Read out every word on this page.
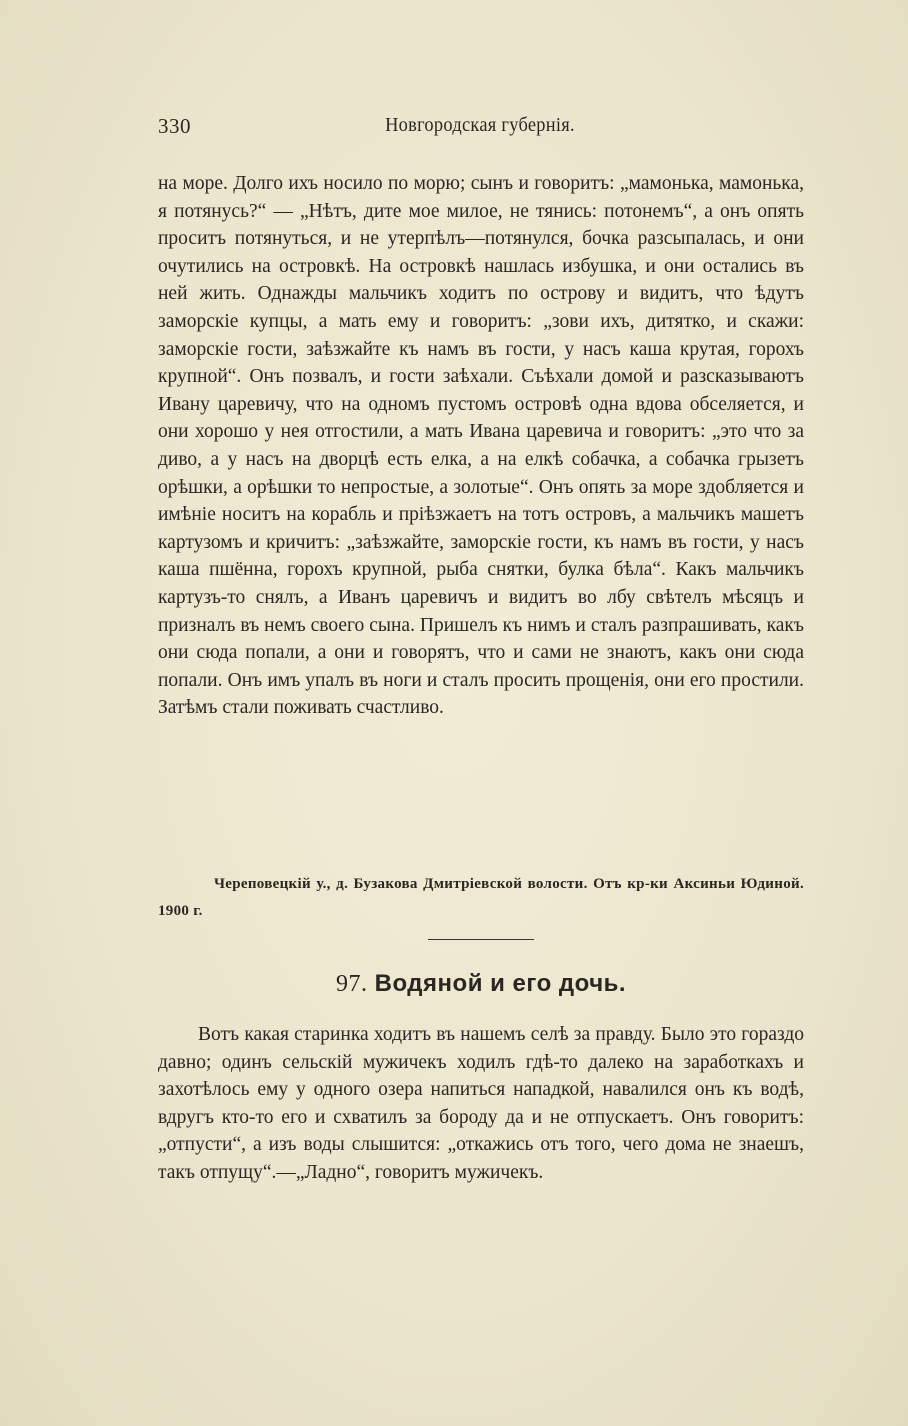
330	Новгородская губернія.

на море. Долго ихъ носило по морю; сынъ и говоритъ: „мамонька, мамонька, я потянусь?“ — „Нѣтъ, дите мое милое, не тянись: потонемъ“, а онъ опять проситъ потянуться, и не утерпѣлъ—потянулся, бочка разсыпалась, и они очутились на островкѣ. На островкѣ нашлась избушка, и они остались въ ней жить. Однажды мальчикъ ходитъ по острову и видитъ, что ѣдутъ заморскіе купцы, а мать ему и говоритъ: „зови ихъ, дитятко, и скажи: заморскіе гости, заѣзжайте къ намъ въ гости, у насъ каша крутая, горохъ крупной“. Онъ позвалъ, и гости заѣхали. Съѣхали домой и разсказываютъ Ивану царевичу, что на одномъ пустомъ островѣ одна вдова обселяется, и они хорошо у нея отгостили, а мать Ивана царевича и говоритъ: „это что за диво, а у насъ на дворцѣ есть елка, а на елкѣ собачка, а собачка грызетъ орѣшки, а орѣшки то непростые, а золотые“. Онъ опять за море здобляется и имѣніе носитъ на корабль и пріѣзжаетъ на тотъ островъ, а мальчикъ машетъ картузомъ и кричитъ: „заѣзжайте, заморскіе гости, къ намъ въ гости, у насъ каша пшённа, горохъ крупной, рыба снятки, булка бѣла“. Какъ мальчикъ картузъ-то снялъ, а Иванъ царевичъ и видитъ во лбу свѣтелъ мѣсяцъ и призналъ въ немъ своего сына. Пришелъ къ нимъ и сталъ разпрашивать, какъ они сюда попали, а они и говорятъ, что и сами не знаютъ, какъ они сюда попали. Онъ имъ упалъ въ ноги и сталъ просить прощенія, они его простили. Затѣмъ стали поживать счастливо.

Череповецкій у., д. Бузакова Дмитріевской волости. Отъ кр-ки Аксиньи Юдиной. 1900 г.

97. Водяной и его дочь.

Вотъ какая старинка ходитъ въ нашемъ селѣ за правду. Было это гораздо давно; одинъ сельскій мужичекъ ходилъ гдѣ-то далеко на заработкахъ и захотѣлось ему у одного озера напиться нападкой, навалился онъ къ водѣ, вдругъ кто-то его и схватилъ за бороду да и не отпускаетъ. Онъ говоритъ: „отпусти“, а изъ воды слышится: „откажись отъ того, чего дома не знаешъ, такъ отпущу“.—„Ладно“, говоритъ мужичекъ.
